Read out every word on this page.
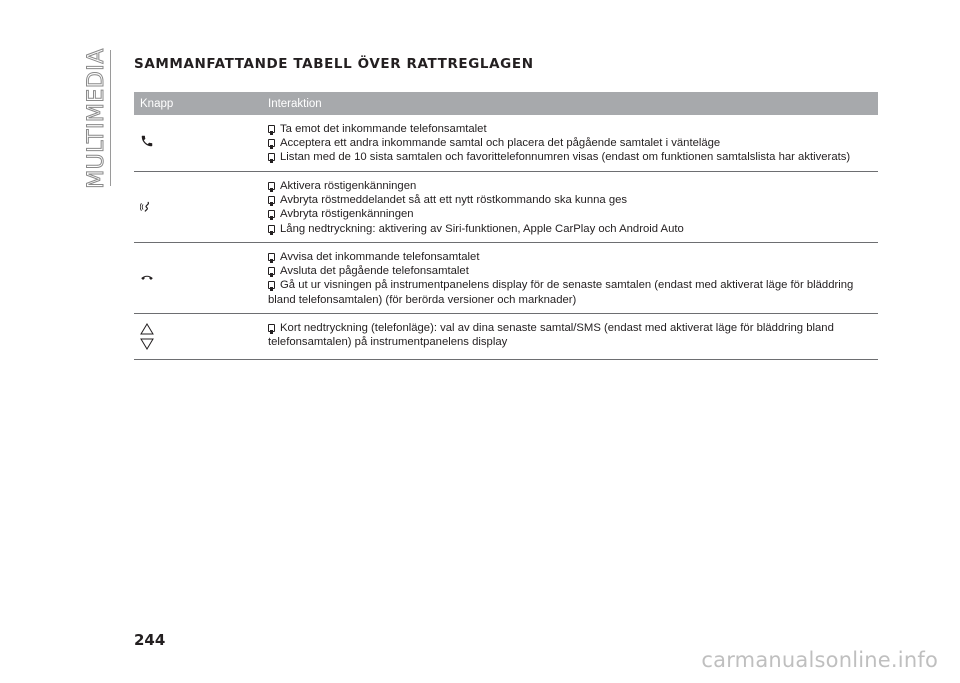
MULTIMEDIA SAMMANFATTANDE TABELL ÖVER RATTREGLAGEN
Knapp	Interaktion
Ta emot det inkommande telefonsamtalet
Acceptera ett andra inkommande samtal och placera det pågående samtalet i vänteläge
Listan med de 10 sista samtalen och favorittelefonnumren visas (endast om funktionen samtalslista har aktiverats)
Aktivera röstigenkänningen
Avbryta röstmeddelandet så att ett nytt röstkommando ska kunna ges
Avbryta röstigenkänningen
Lång nedtryckning: aktivering av Siri-funktionen, Apple CarPlay och Android Auto
Avvisa det inkommande telefonsamtalet
Avsluta det pågående telefonsamtalet
Gå ut ur visningen på instrumentpanelens display för de senaste samtalen (endast med aktiverat läge för bläddring bland telefonsamtalen) (för berörda versioner och marknader)
Kort nedtryckning (telefonläge): val av dina senaste samtal/SMS (endast med aktiverat läge för bläddring bland telefonsamtalen) på instrumentpanelens display
244
carmanualsonline.info
